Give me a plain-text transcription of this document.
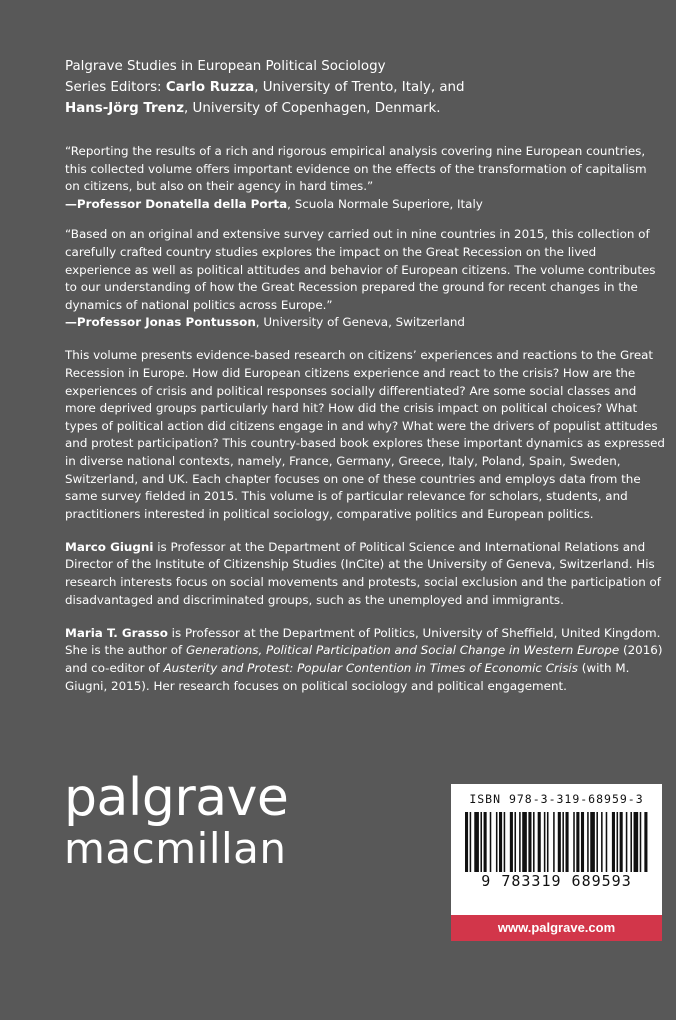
Palgrave Studies in European Political Sociology
Series Editors: Carlo Ruzza, University of Trento, Italy, and
Hans-Jörg Trenz, University of Copenhagen, Denmark.

“Reporting the results of a rich and rigorous empirical analysis covering nine European countries, this collected volume offers important evidence on the effects of the transformation of capitalism on citizens, but also on their agency in hard times.”
—Professor Donatella della Porta, Scuola Normale Superiore, Italy

“Based on an original and extensive survey carried out in nine countries in 2015, this collection of carefully crafted country studies explores the impact on the Great Recession on the lived experience as well as political attitudes and behavior of European citizens. The volume contributes to our understanding of how the Great Recession prepared the ground for recent changes in the dynamics of national politics across Europe.”
—Professor Jonas Pontusson, University of Geneva, Switzerland

This volume presents evidence-based research on citizens’ experiences and reactions to the Great Recession in Europe. How did European citizens experience and react to the crisis? How are the experiences of crisis and political responses socially differentiated? Are some social classes and more deprived groups particularly hard hit? How did the crisis impact on political choices? What types of political action did citizens engage in and why? What were the drivers of populist attitudes and protest participation? This country-based book explores these important dynamics as expressed in diverse national contexts, namely, France, Germany, Greece, Italy, Poland, Spain, Sweden, Switzerland, and UK. Each chapter focuses on one of these countries and employs data from the same survey fielded in 2015. This volume is of particular relevance for scholars, students, and practitioners interested in political sociology, comparative politics and European politics.

Marco Giugni is Professor at the Department of Political Science and International Relations and Director of the Institute of Citizenship Studies (InCite) at the University of Geneva, Switzerland. His research interests focus on social movements and protests, social exclusion and the participation of disadvantaged and discriminated groups, such as the unemployed and immigrants.

Maria T. Grasso is Professor at the Department of Politics, University of Sheffield, United Kingdom. She is the author of Generations, Political Participation and Social Change in Western Europe (2016) and co-editor of Austerity and Protest: Popular Contention in Times of Economic Crisis (with M. Giugni, 2015). Her research focuses on political sociology and political engagement.

palgrave
macmillan
ISBN 978-3-319-68959-3
9 783319 689593
www.palgrave.com
